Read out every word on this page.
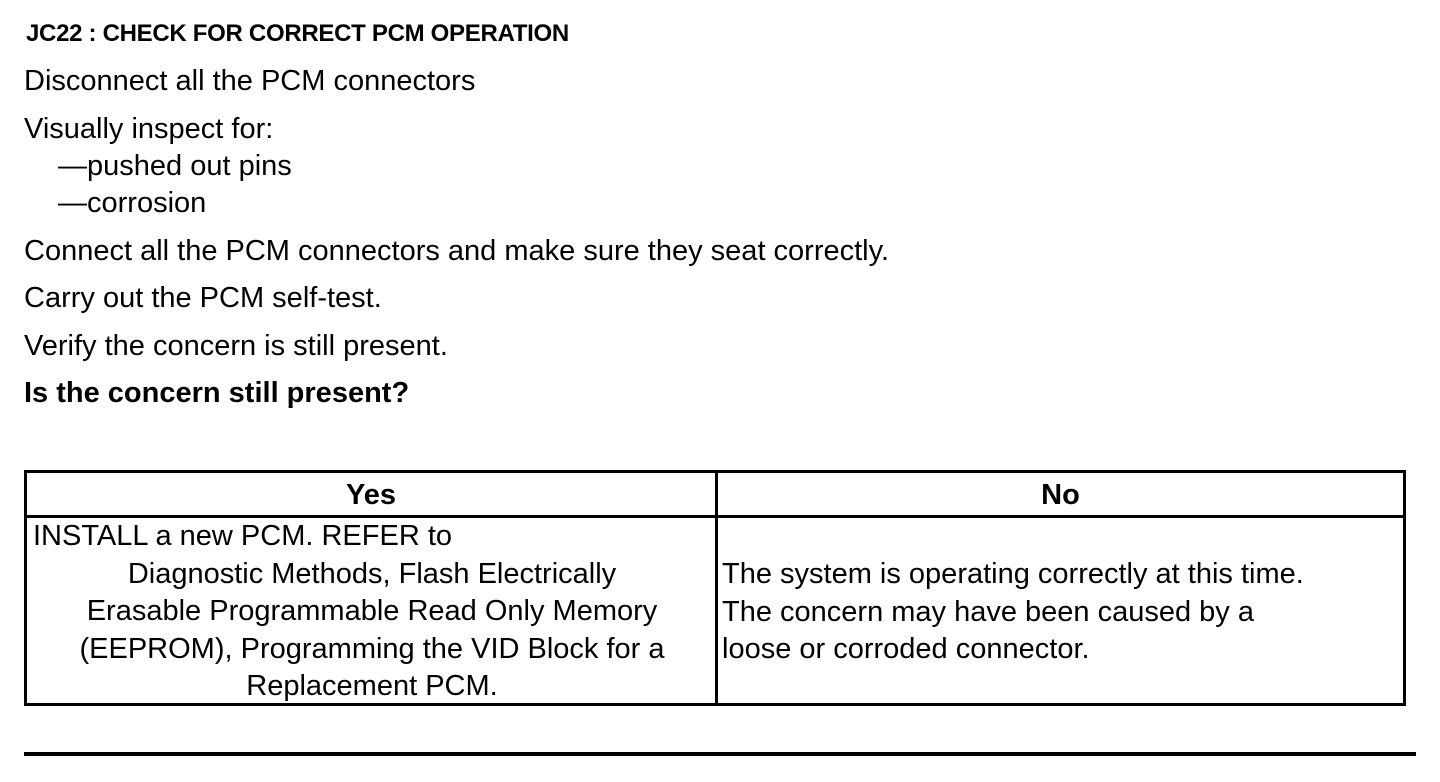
JC22 : CHECK FOR CORRECT PCM OPERATION
Disconnect all the PCM connectors
Visually inspect for:
—pushed out pins
—corrosion
Connect all the PCM connectors and make sure they seat correctly.
Carry out the PCM self-test.
Verify the concern is still present.
Is the concern still present?
Yes	No
INSTALL a new PCM. REFER to
Diagnostic Methods, Flash Electrically
Erasable Programmable Read Only Memory
(EEPROM), Programming the VID Block for a
Replacement PCM.
The system is operating correctly at this time.
The concern may have been caused by a
loose or corroded connector.
